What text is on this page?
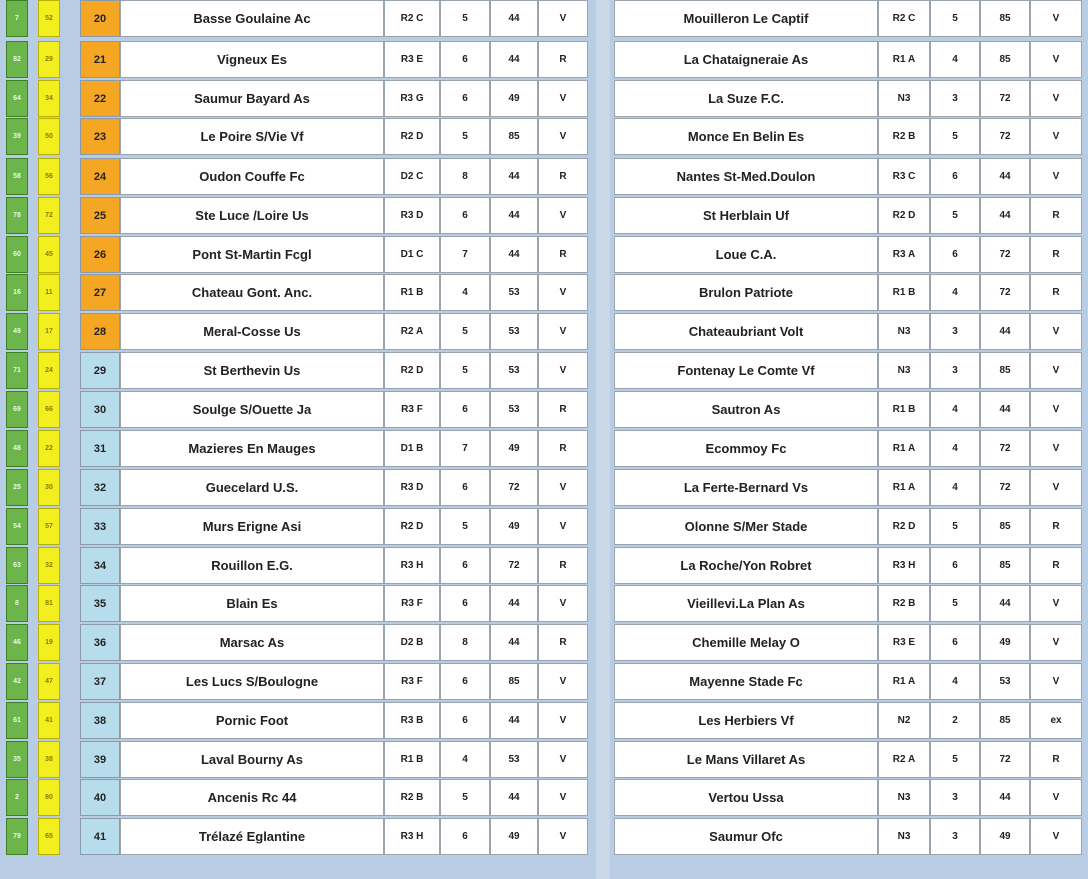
7	52	20	Basse Goulaine Ac	R2 C	5	44	V	Mouilleron Le Captif	R2 C	5	85	V
82	29	21	Vigneux Es	R3 E	6	44	R	La Chataigneraie As	R1 A	4	85	V
64	34	22	Saumur Bayard As	R3 G	6	49	V	La Suze F.C.	N3	3	72	V
39	50	23	Le Poire S/Vie Vf	R2 D	5	85	V	Monce En Belin Es	R2 B	5	72	V
58	56	24	Oudon Couffe Fc	D2 C	8	44	R	Nantes St-Med.Doulon	R3 C	6	44	V
78	72	25	Ste Luce /Loire Us	R3 D	6	44	V	St Herblain Uf	R2 D	5	44	R
60	45	26	Pont St-Martin Fcgl	D1 C	7	44	R	Loue C.A.	R3 A	6	72	R
16	11	27	Chateau Gont. Anc.	R1 B	4	53	V	Brulon Patriote	R1 B	4	72	R
49	17	28	Meral-Cosse Us	R2 A	5	53	V	Chateaubriant Volt	N3	3	44	V
71	24	29	St Berthevin Us	R2 D	5	53	V	Fontenay Le Comte Vf	N3	3	85	V
69	66	30	Soulge S/Ouette Ja	R3 F	6	53	R	Sautron As	R1 B	4	44	V
48	22	31	Mazieres En Mauges	D1 B	7	49	R	Ecommoy Fc	R1 A	4	72	V
25	30	32	Guecelard U.S.	R3 D	6	72	V	La Ferte-Bernard Vs	R1 A	4	72	V
54	57	33	Murs Erigne Asi	R2 D	5	49	V	Olonne S/Mer Stade	R2 D	5	85	R
63	32	34	Rouillon E.G.	R3 H	6	72	R	La Roche/Yon Robret	R3 H	6	85	R
8	81	35	Blain Es	R3 F	6	44	V	Vieillevi.La Plan As	R2 B	5	44	V
46	19	36	Marsac As	D2 B	8	44	R	Chemille Melay O	R3 E	6	49	V
42	47	37	Les Lucs S/Boulogne	R3 F	6	85	V	Mayenne Stade Fc	R1 A	4	53	V
61	41	38	Pornic Foot	R3 B	6	44	V	Les Herbiers Vf	N2	2	85	ex
35	38	39	Laval Bourny As	R1 B	4	53	V	Le Mans Villaret As	R2 A	5	72	R
2	80	40	Ancenis Rc 44	R2 B	5	44	V	Vertou Ussa	N3	3	44	V
79	65	41	Trélazé Eglantine	R3 H	6	49	V	Saumur Ofc	N3	3	49	V
